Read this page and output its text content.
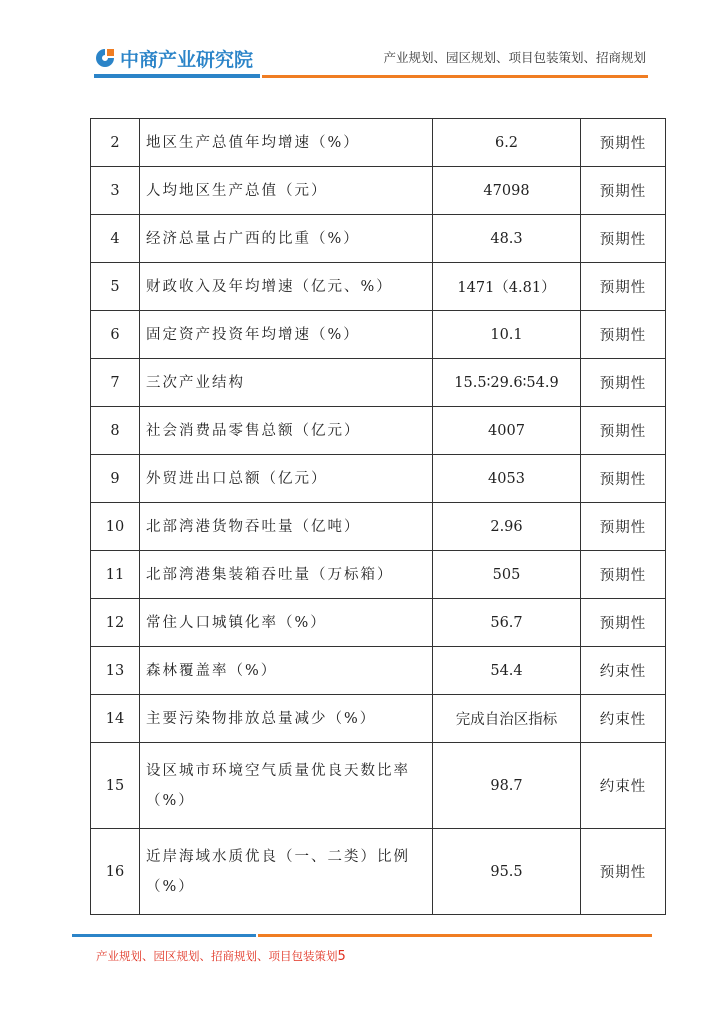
中商产业研究院	产业规划、园区规划、项目包装策划、招商规划
2	地区生产总值年均增速（%）	6.2	预期性
3	人均地区生产总值（元）	47098	预期性
4	经济总量占广西的比重（%）	48.3	预期性
5	财政收入及年均增速（亿元、%）	1471（4.81）	预期性
6	固定资产投资年均增速（%）	10.1	预期性
7	三次产业结构	15.5∶29.6∶54.9	预期性
8	社会消费品零售总额（亿元）	4007	预期性
9	外贸进出口总额（亿元）	4053	预期性
10	北部湾港货物吞吐量（亿吨）	2.96	预期性
11	北部湾港集装箱吞吐量（万标箱）	505	预期性
12	常住人口城镇化率（%）	56.7	预期性
13	森林覆盖率（%）	54.4	约束性
14	主要污染物排放总量减少（%）	完成自治区指标	约束性
15	设区城市环境空气质量优良天数比率（%）	98.7	约束性
16	近岸海域水质优良（一、二类）比例（%）	95.5	预期性
产业规划、园区规划、招商规划、项目包装策划5
